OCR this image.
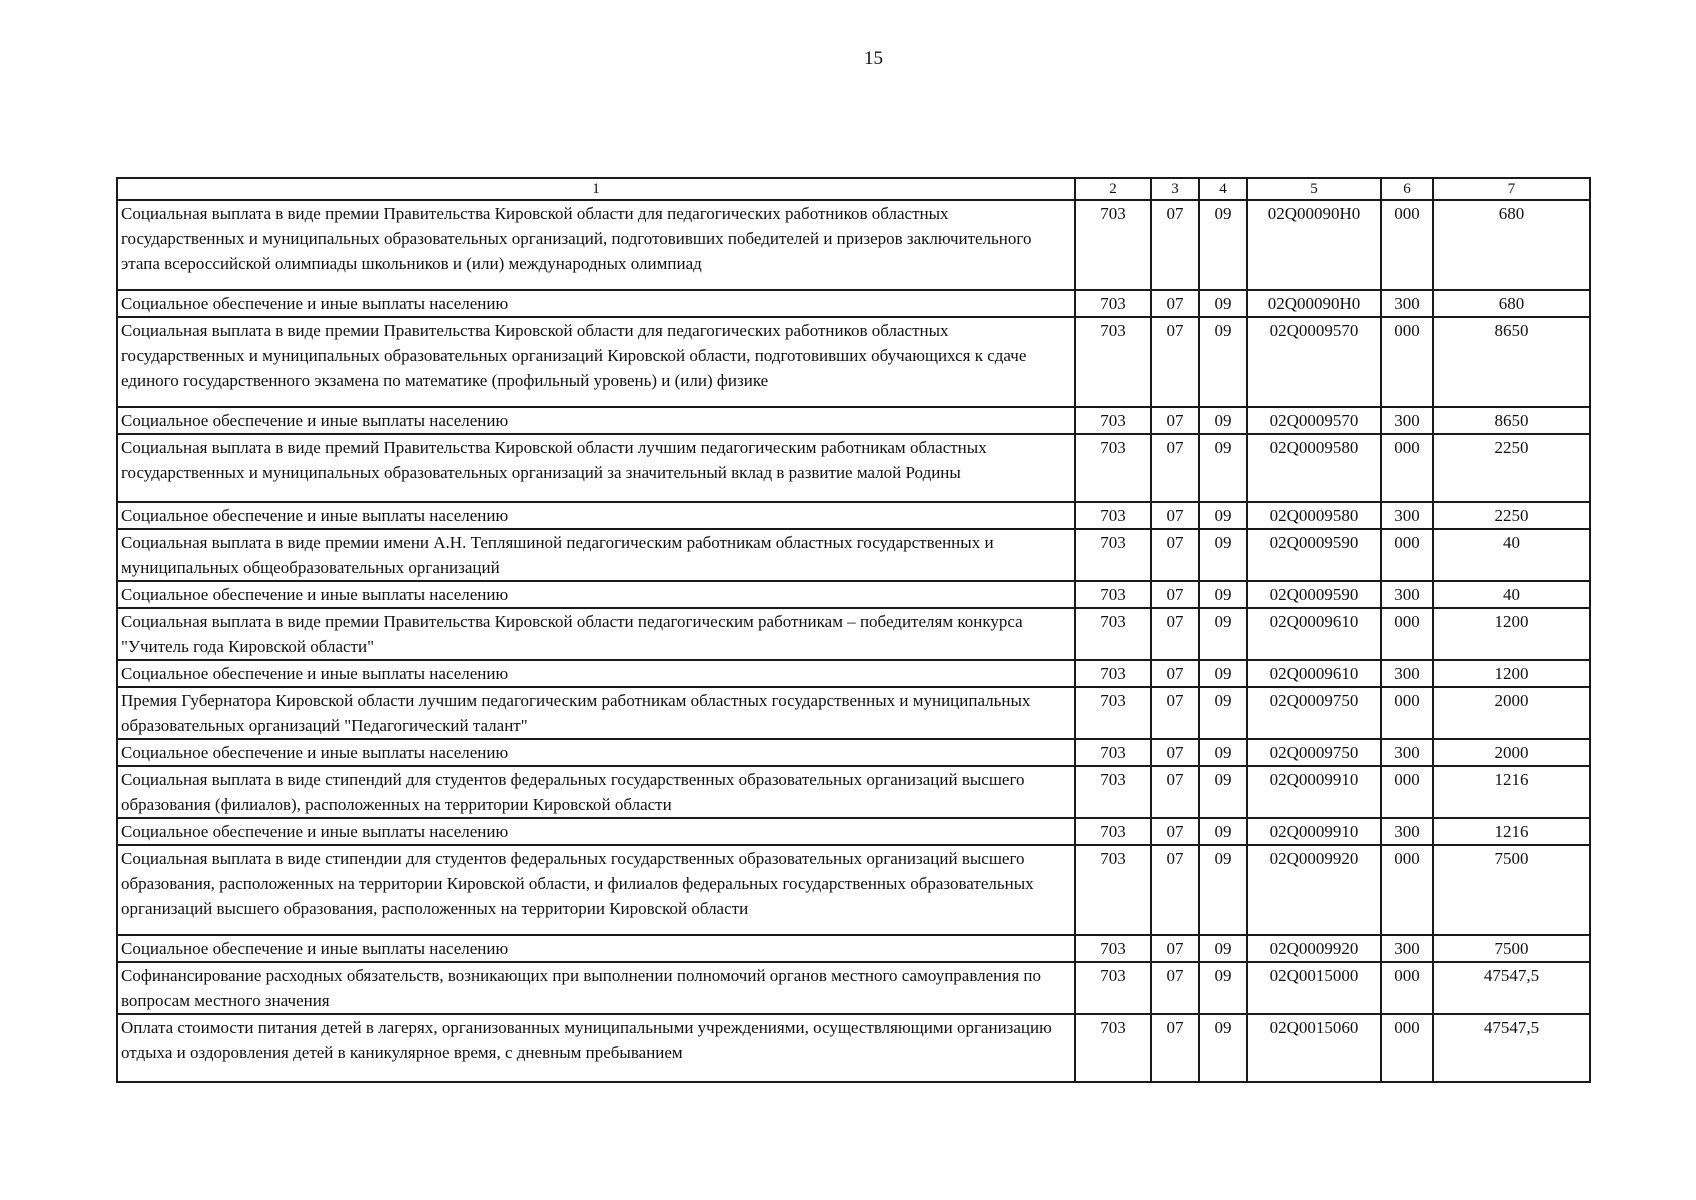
15
1	2	3	4	5	6	7
Социальная выплата в виде премии Правительства Кировской области для педагогических работников областных государственных и муниципальных образовательных организаций, подготовивших победителей и призеров заключительного этапа всероссийской олимпиады школьников и (или) международных олимпиад	703	07	09	02Q00090H0	000	680
Социальное обеспечение и иные выплаты населению	703	07	09	02Q00090H0	300	680
Социальная выплата в виде премии Правительства Кировской области для педагогических работников областных государственных и муниципальных образовательных организаций Кировской области, подготовивших обучающихся к сдаче единого государственного экзамена по математике (профильный уровень) и (или) физике	703	07	09	02Q0009570	000	8650
Социальное обеспечение и иные выплаты населению	703	07	09	02Q0009570	300	8650
Социальная выплата в виде премий Правительства Кировской области лучшим педагогическим работникам областных государственных и муниципальных образовательных организаций за значительный вклад в развитие малой Родины	703	07	09	02Q0009580	000	2250
Социальное обеспечение и иные выплаты населению	703	07	09	02Q0009580	300	2250
Социальная выплата в виде премии имени А.Н. Тепляшиной педагогическим работникам областных государственных и муниципальных общеобразовательных организаций	703	07	09	02Q0009590	000	40
Социальное обеспечение и иные выплаты населению	703	07	09	02Q0009590	300	40
Социальная выплата в виде премии Правительства Кировской области педагогическим работникам – победителям конкурса "Учитель года Кировской области"	703	07	09	02Q0009610	000	1200
Социальное обеспечение и иные выплаты населению	703	07	09	02Q0009610	300	1200
Премия Губернатора Кировской области лучшим педагогическим работникам областных государственных и муниципальных образовательных организаций "Педагогический талант"	703	07	09	02Q0009750	000	2000
Социальное обеспечение и иные выплаты населению	703	07	09	02Q0009750	300	2000
Социальная выплата в виде стипендий для студентов федеральных государственных образовательных организаций высшего образования (филиалов), расположенных на территории Кировской области	703	07	09	02Q0009910	000	1216
Социальное обеспечение и иные выплаты населению	703	07	09	02Q0009910	300	1216
Социальная выплата в виде стипендии для студентов федеральных государственных образовательных организаций высшего образования, расположенных на территории Кировской области, и филиалов федеральных государственных образовательных организаций высшего образования, расположенных на территории Кировской области	703	07	09	02Q0009920	000	7500
Социальное обеспечение и иные выплаты населению	703	07	09	02Q0009920	300	7500
Софинансирование расходных обязательств, возникающих при выполнении полномочий органов местного самоуправления по вопросам местного значения	703	07	09	02Q0015000	000	47547,5
Оплата стоимости питания детей в лагерях, организованных муниципальными учреждениями, осуществляющими организацию отдыха и оздоровления детей в каникулярное время, с дневным пребыванием	703	07	09	02Q0015060	000	47547,5
